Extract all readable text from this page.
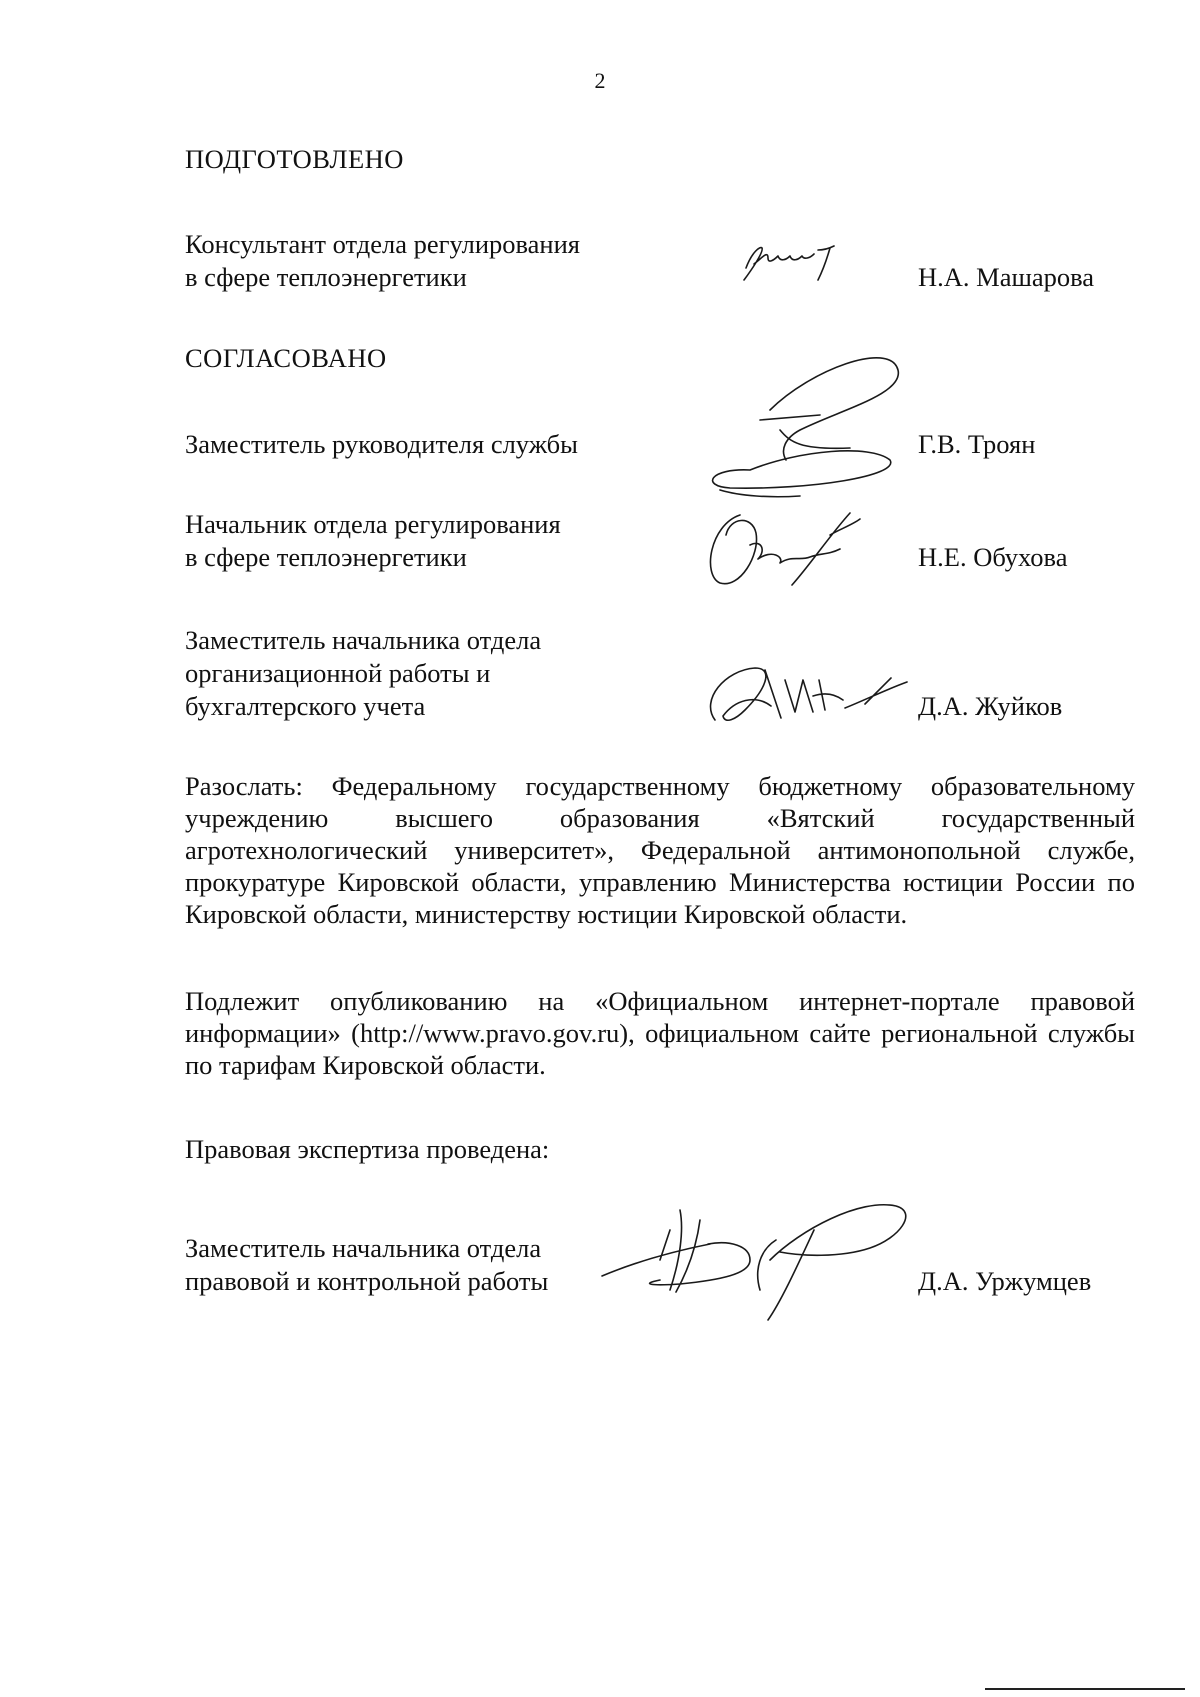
2
ПОДГОТОВЛЕНО
Консультант отдела регулирования
в сфере теплоэнергетики	Н.А. Машарова
СОГЛАСОВАНО
Заместитель руководителя службы	Г.В. Троян
Начальник отдела регулирования
в сфере теплоэнергетики	Н.Е. Обухова
Заместитель начальника отдела
организационной работы и
бухгалтерского учета	Д.А. Жуйков

Разослать: Федеральному государственному бюджетному образовательному учреждению высшего образования «Вятский государственный агротехнологический университет», Федеральной антимонопольной службе, прокуратуре Кировской области, управлению Министерства юстиции России по Кировской области, министерству юстиции Кировской области.

Подлежит опубликованию на «Официальном интернет-портале правовой информации» (http://www.pravo.gov.ru), официальном сайте региональной службы по тарифам Кировской области.

Правовая экспертиза проведена:
Заместитель начальника отдела
правовой и контрольной работы	Д.А. Уржумцев
